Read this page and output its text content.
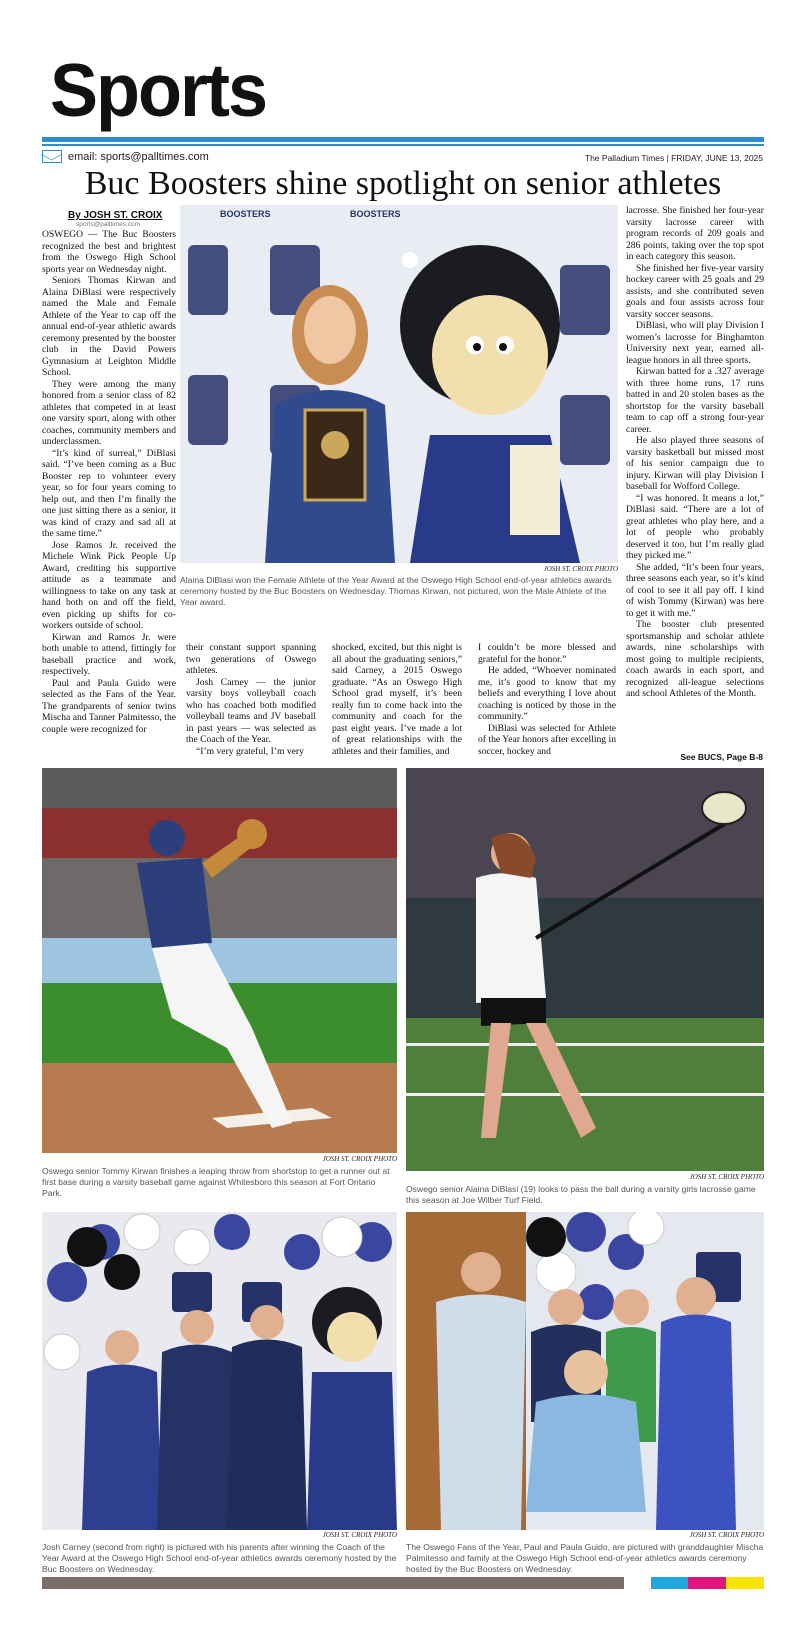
Sports
email: sports@palltimes.com	The Palladium Times | FRIDAY, JUNE 13, 2025
Buc Boosters shine spotlight on senior athletes
By JOSH ST. CROIX
sports@palltimes.com

OSWEGO — The Buc Boosters recognized the best and brightest from the Oswego High School sports year on Wednesday night.

Seniors Thomas Kirwan and Alaina DiBlasi were respectively named the Male and Female Athlete of the Year to cap off the annual end-of-year athletic awards ceremony presented by the booster club in the David Powers Gymnasium at Leighton Middle School.

They were among the many honored from a senior class of 82 athletes that competed in at least one varsity sport, along with other coaches, community members and underclassmen.

“It’s kind of surreal,” DiBlasi said. “I’ve been coming as a Buc Booster rep to volunteer every year, so for four years coming to help out, and then I’m finally the one just sitting there as a senior, it was kind of crazy and sad all at the same time.”

Jose Ramos Jr. received the Michele Wink Pick People Up Award, crediting his supportive attitude as a teammate and willingness to take on any task at hand both on and off the field, even picking up shifts for co-workers outside of school.

Kirwan and Ramos Jr. were both unable to attend, fittingly for baseball practice and work, respectively.

Paul and Paula Guido were selected as the Fans of the Year. The grandparents of senior twins Mischa and Tanner Palmitesso, the couple were recognized for

BOOSTERS	BOOSTERS
JOSH ST. CROIX PHOTO
Alaina DiBlasi won the Female Athlete of the Year Award at the Oswego High School end-of-year athletics awards ceremony hosted by the Buc Boosters on Wednesday. Thomas Kirwan, not pictured, won the Male Athlete of the Year award.

their constant support spanning two generations of Oswego athletes.

Josh Carney — the junior varsity boys volleyball coach who has coached both modified volleyball teams and JV baseball in past years — was selected as the Coach of the Year.

“I’m very grateful, I’m very

shocked, excited, but this night is all about the graduating seniors,” said Carney, a 2015 Oswego graduate. “As an Oswego High School grad myself, it’s been really fun to come back into the community and coach for the past eight years. I’ve made a lot of great relationships with the athletes and their families, and

I couldn’t be more blessed and grateful for the honor.”

He added, “Whoever nominated me, it’s good to know that my beliefs and everything I love about coaching is noticed by those in the community.”

DiBlasi was selected for Athlete of the Year honors after excelling in soccer, hockey and

lacrosse. She finished her four-year varsity lacrosse career with program records of 209 goals and 286 points, taking over the top spot in each category this season.

She finished her five-year varsity hockey career with 25 goals and 29 assists, and she contributed seven goals and four assists across four varsity soccer seasons.

DiBlasi, who will play Division I women’s lacrosse for Binghamton University next year, earned all-league honors in all three sports.

Kirwan batted for a .327 average with three home runs, 17 runs batted in and 20 stolen bases as the shortstop for the varsity baseball team to cap off a strong four-year career.

He also played three seasons of varsity basketball but missed most of his senior campaign due to injury. Kirwan will play Division I baseball for Wofford College.

“I was honored. It means a lot,” DiBlasi said. “There are a lot of great athletes who play here, and a lot of people who probably deserved it too, but I’m really glad they picked me.”

She added, “It’s been four years, three seasons each year, so it’s kind of cool to see it all pay off. I kind of wish Tommy (Kirwan) was here to get it with me.”

The booster club presented sportsmanship and scholar athlete awards, nine scholarships with most going to multiple recipients, coach awards in each sport, and recognized all-league selections and school Athletes of the Month.

See BUCS, Page B-8
JOSH ST. CROIX PHOTO
Oswego senior Tommy Kirwan finishes a leaping throw from shortstop to get a runner out at first base during a varsity baseball game against Whitesboro this season at Fort Ontario Park.
JOSH ST. CROIX PHOTO
Oswego senior Alaina DiBlasi (19) looks to pass the ball during a varsity girls lacrosse game this season at Joe Wilber Turf Field.
JOSH ST. CROIX PHOTO
Josh Carney (second from right) is pictured with his parents after winning the Coach of the Year Award at the Oswego High School end-of-year athletics awards ceremony hosted by the Buc Boosters on Wednesday.
JOSH ST. CROIX PHOTO
The Oswego Fans of the Year, Paul and Paula Guido, are pictured with granddaughter Mischa Palmitesso and family at the Oswego High School end-of-year athletics awards ceremony hosted by the Buc Boosters on Wednesday.
